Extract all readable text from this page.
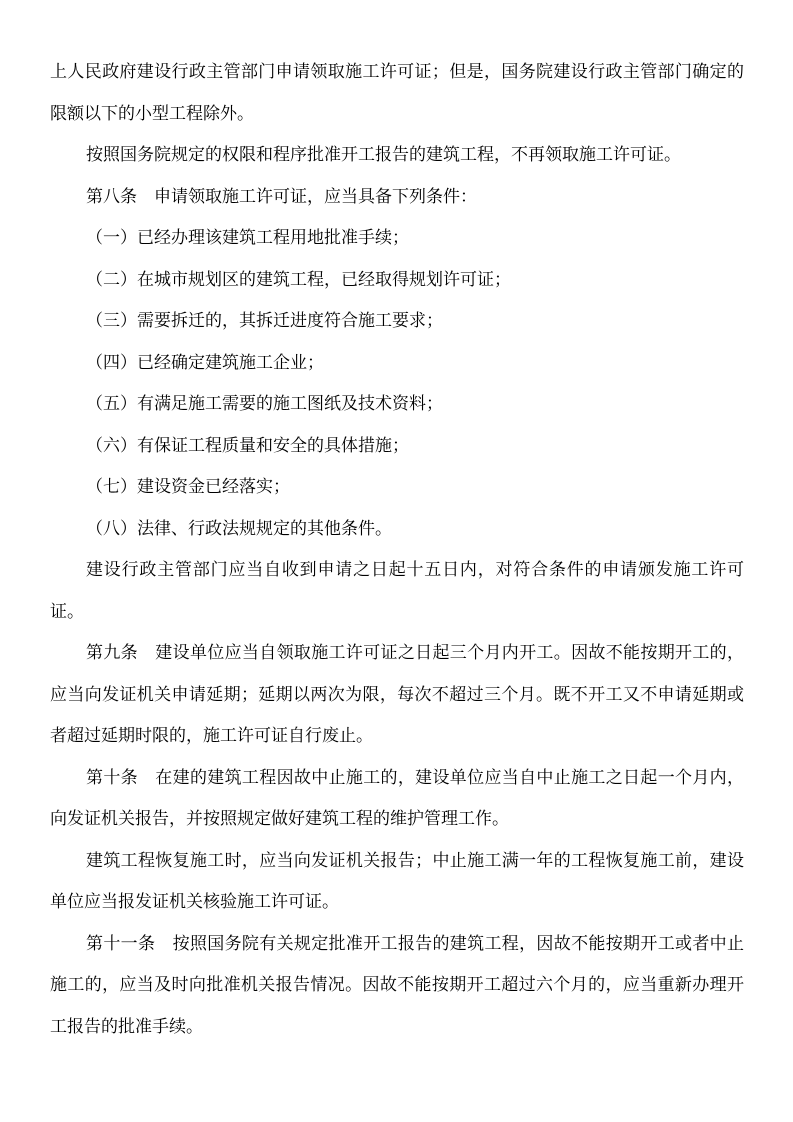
上人民政府建设行政主管部门申请领取施工许可证；但是，国务院建设行政主管部门确定的限额以下的小型工程除外。

按照国务院规定的权限和程序批准开工报告的建筑工程，不再领取施工许可证。

第八条　申请领取施工许可证，应当具备下列条件：

（一）已经办理该建筑工程用地批准手续；

（二）在城市规划区的建筑工程，已经取得规划许可证；

（三）需要拆迁的，其拆迁进度符合施工要求；

（四）已经确定建筑施工企业；

（五）有满足施工需要的施工图纸及技术资料；

（六）有保证工程质量和安全的具体措施；

（七）建设资金已经落实；

（八）法律、行政法规规定的其他条件。

建设行政主管部门应当自收到申请之日起十五日内，对符合条件的申请颁发施工许可证。

第九条　建设单位应当自领取施工许可证之日起三个月内开工。因故不能按期开工的，应当向发证机关申请延期；延期以两次为限，每次不超过三个月。既不开工又不申请延期或者超过延期时限的，施工许可证自行废止。

第十条　在建的建筑工程因故中止施工的，建设单位应当自中止施工之日起一个月内，向发证机关报告，并按照规定做好建筑工程的维护管理工作。

建筑工程恢复施工时，应当向发证机关报告；中止施工满一年的工程恢复施工前，建设单位应当报发证机关核验施工许可证。

第十一条　按照国务院有关规定批准开工报告的建筑工程，因故不能按期开工或者中止施工的，应当及时向批准机关报告情况。因故不能按期开工超过六个月的，应当重新办理开工报告的批准手续。
